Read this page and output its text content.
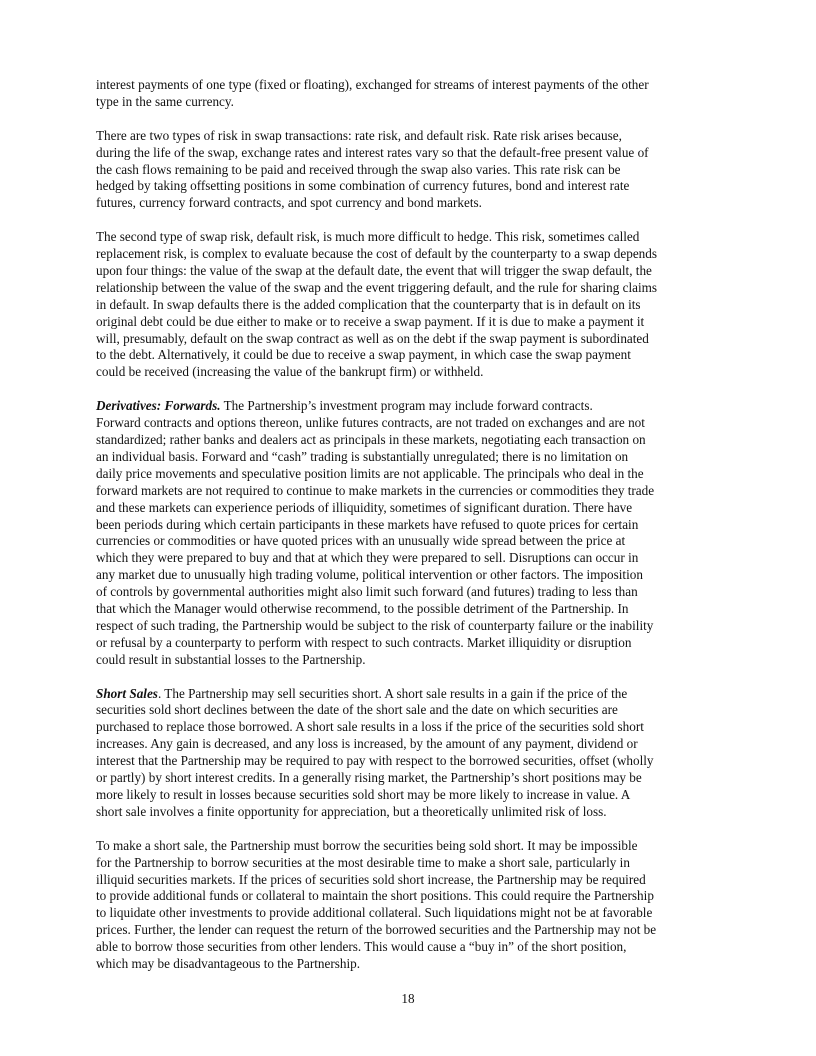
interest payments of one type (fixed or floating), exchanged for streams of interest payments of the other
type in the same currency.
There are two types of risk in swap transactions: rate risk, and default risk. Rate risk arises because,
during the life of the swap, exchange rates and interest rates vary so that the default-free present value of
the cash flows remaining to be paid and received through the swap also varies. This rate risk can be
hedged by taking offsetting positions in some combination of currency futures, bond and interest rate
futures, currency forward contracts, and spot currency and bond markets.
The second type of swap risk, default risk, is much more difficult to hedge. This risk, sometimes called
replacement risk, is complex to evaluate because the cost of default by the counterparty to a swap depends
upon four things: the value of the swap at the default date, the event that will trigger the swap default, the
relationship between the value of the swap and the event triggering default, and the rule for sharing claims
in default. In swap defaults there is the added complication that the counterparty that is in default on its
original debt could be due either to make or to receive a swap payment. If it is due to make a payment it
will, presumably, default on the swap contract as well as on the debt if the swap payment is subordinated
to the debt. Alternatively, it could be due to receive a swap payment, in which case the swap payment
could be received (increasing the value of the bankrupt firm) or withheld.
Derivatives: Forwards. The Partnership’s investment program may include forward contracts.
Forward contracts and options thereon, unlike futures contracts, are not traded on exchanges and are not
standardized; rather banks and dealers act as principals in these markets, negotiating each transaction on
an individual basis. Forward and “cash” trading is substantially unregulated; there is no limitation on
daily price movements and speculative position limits are not applicable. The principals who deal in the
forward markets are not required to continue to make markets in the currencies or commodities they trade
and these markets can experience periods of illiquidity, sometimes of significant duration. There have
been periods during which certain participants in these markets have refused to quote prices for certain
currencies or commodities or have quoted prices with an unusually wide spread between the price at
which they were prepared to buy and that at which they were prepared to sell. Disruptions can occur in
any market due to unusually high trading volume, political intervention or other factors. The imposition
of controls by governmental authorities might also limit such forward (and futures) trading to less than
that which the Manager would otherwise recommend, to the possible detriment of the Partnership. In
respect of such trading, the Partnership would be subject to the risk of counterparty failure or the inability
or refusal by a counterparty to perform with respect to such contracts. Market illiquidity or disruption
could result in substantial losses to the Partnership.
Short Sales. The Partnership may sell securities short. A short sale results in a gain if the price of the
securities sold short declines between the date of the short sale and the date on which securities are
purchased to replace those borrowed. A short sale results in a loss if the price of the securities sold short
increases. Any gain is decreased, and any loss is increased, by the amount of any payment, dividend or
interest that the Partnership may be required to pay with respect to the borrowed securities, offset (wholly
or partly) by short interest credits. In a generally rising market, the Partnership’s short positions may be
more likely to result in losses because securities sold short may be more likely to increase in value. A
short sale involves a finite opportunity for appreciation, but a theoretically unlimited risk of loss.
To make a short sale, the Partnership must borrow the securities being sold short. It may be impossible
for the Partnership to borrow securities at the most desirable time to make a short sale, particularly in
illiquid securities markets. If the prices of securities sold short increase, the Partnership may be required
to provide additional funds or collateral to maintain the short positions. This could require the Partnership
to liquidate other investments to provide additional collateral. Such liquidations might not be at favorable
prices. Further, the lender can request the return of the borrowed securities and the Partnership may not be
able to borrow those securities from other lenders. This would cause a “buy in” of the short position,
which may be disadvantageous to the Partnership.
18
